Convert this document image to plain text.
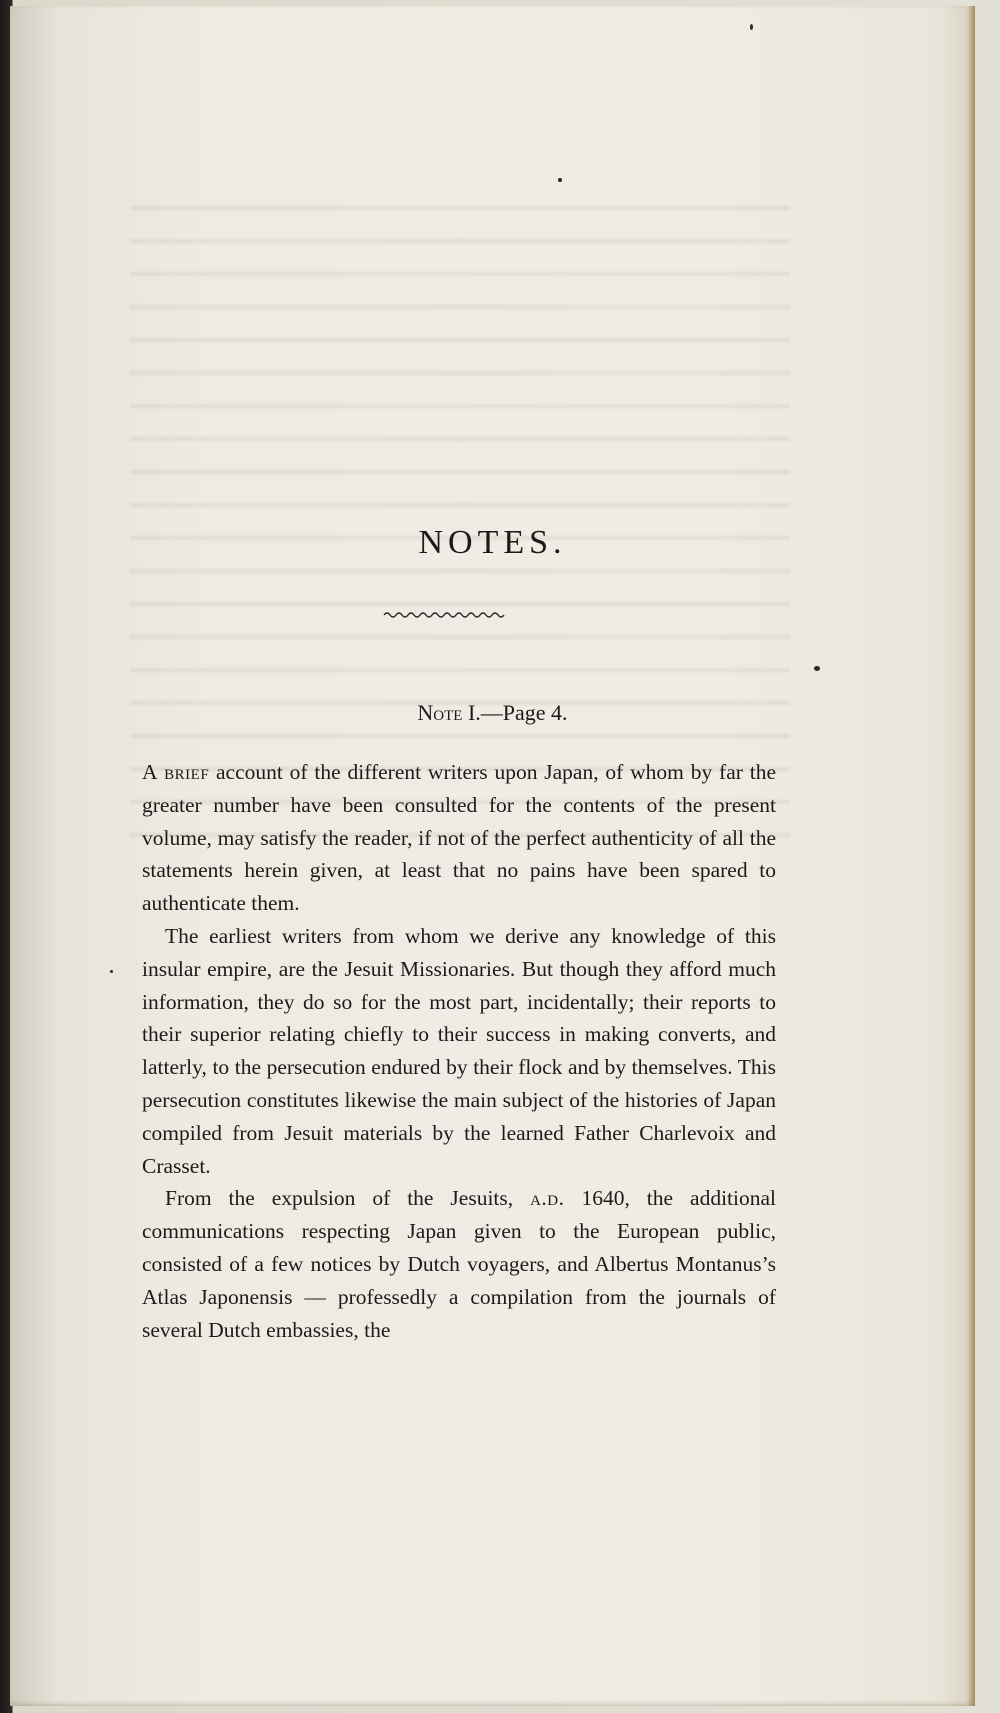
NOTES.
Note I.—Page 4.

A brief account of the different writers upon Japan, of whom by far the greater number have been consulted for the contents of the present volume, may satisfy the reader, if not of the perfect authenticity of all the statements herein given, at least that no pains have been spared to authenticate them.

The earliest writers from whom we derive any knowledge of this insular empire, are the Jesuit Missionaries. But though they afford much information, they do so for the most part, incidentally; their reports to their superior relating chiefly to their success in making converts, and latterly, to the persecution endured by their flock and by themselves. This persecution constitutes likewise the main subject of the histories of Japan compiled from Jesuit materials by the learned Father Charlevoix and Crasset.

From the expulsion of the Jesuits, a.d. 1640, the additional communications respecting Japan given to the European public, consisted of a few notices by Dutch voyagers, and Albertus Montanus’s Atlas Japonensis — professedly a compilation from the journals of several Dutch embassies, the
